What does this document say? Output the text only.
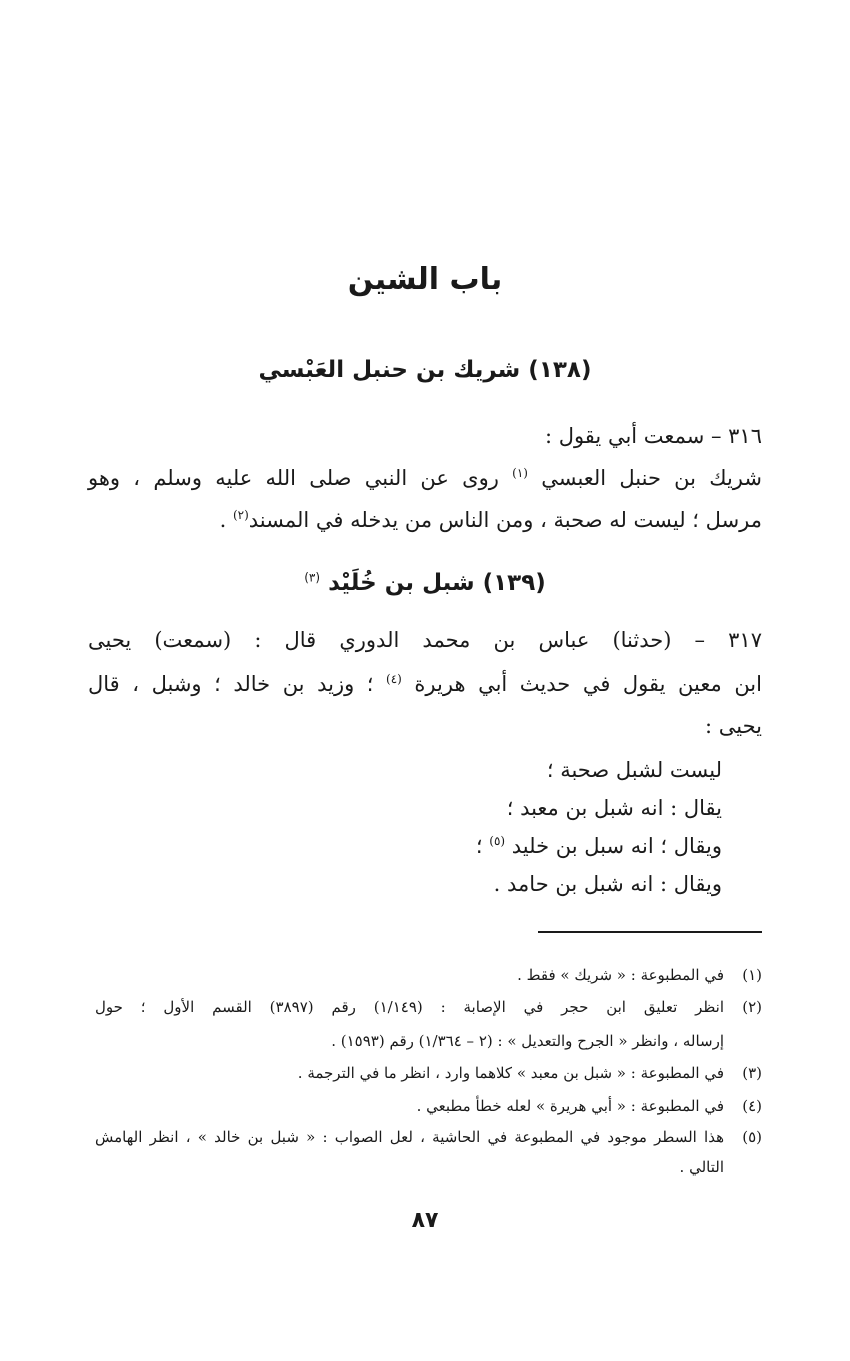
باب الشين
(١٣٨) شريك بن حنبل العَبْسي
٣١٦ – سمعت أبي يقول :
شريك بن حنبل العبسي $^{(١)}$ روى عن النبي صلى الله عليه وسلم ، وهو
مرسل ؛ ليست له صحبة ، ومن الناس من يدخله في المسند$^{(٢)}$ .
(١٣٩) شبل بن خُلَيْد $^{(٣)}$
٣١٧ – (حدثنا) عباس بن محمد الدوري قال : (سمعت) يحيى
ابن معين يقول في حديث أبي هريرة $^{(٤)}$ ؛ وزيد بن خالد ؛ وشبل ، قال
يحيى :
ليست لشبل صحبة ؛
يقال : انه شبل بن معبد ؛
ويقال ؛ انه سبل بن خليد $^{(٥)}$ ؛
ويقال : انه شبل بن حامد .
(١)
في المطبوعة : « شريك » فقط .
(٢)
انظر تعليق ابن حجر في الإصابة : (١/١٤٩) رقم (٣٨٩٧) القسم الأول ؛ حول
إرساله ، وانظر « الجرح والتعديل » : (٢ – ١/٣٦٤) رقم (١٥٩٣) .
(٣)
في المطبوعة : « شبل بن معبد » كلاهما وارد ، انظر ما في الترجمة .
(٤)
في المطبوعة : « أبي هريرة » لعله خطأ مطبعي .
(٥)
هذا السطر موجود في المطبوعة في الحاشية ، لعل الصواب : « شبل بن خالد » ، انظر الهامش
التالي .
٨٧
